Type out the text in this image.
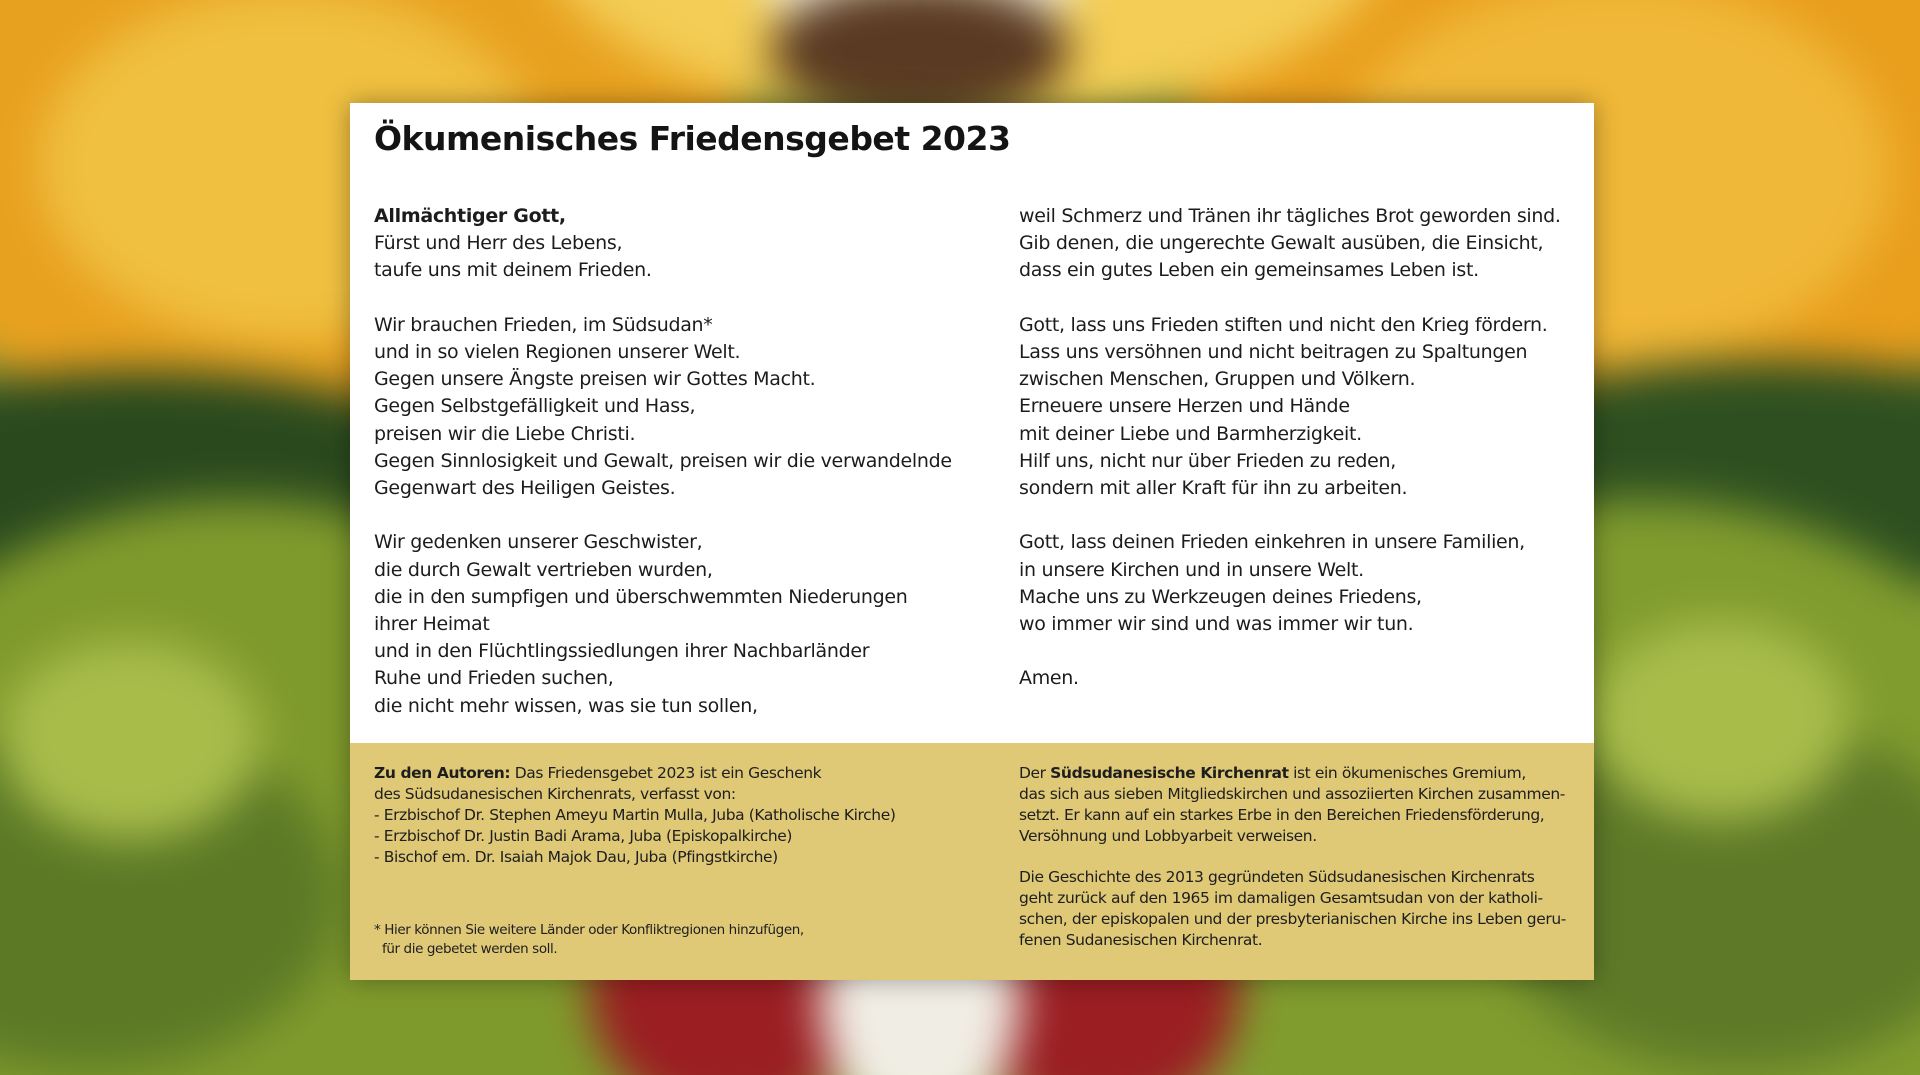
Ökumenisches Friedensgebet 2023
Allmächtiger Gott,
Fürst und Herr des Lebens,
taufe uns mit deinem Frieden.
Wir brauchen Frieden, im Südsudan*
und in so vielen Regionen unserer Welt.
Gegen unsere Ängste preisen wir Gottes Macht.
Gegen Selbstgefälligkeit und Hass,
preisen wir die Liebe Christi.
Gegen Sinnlosigkeit und Gewalt, preisen wir die verwandelnde
Gegenwart des Heiligen Geistes.
Wir gedenken unserer Geschwister,
die durch Gewalt vertrieben wurden,
die in den sumpfigen und überschwemmten Niederungen
ihrer Heimat
und in den Flüchtlingssiedlungen ihrer Nachbarländer
Ruhe und Frieden suchen,
die nicht mehr wissen, was sie tun sollen,
weil Schmerz und Tränen ihr tägliches Brot geworden sind.
Gib denen, die ungerechte Gewalt ausüben, die Einsicht,
dass ein gutes Leben ein gemeinsames Leben ist.
Gott, lass uns Frieden stiften und nicht den Krieg fördern.
Lass uns versöhnen und nicht beitragen zu Spaltungen
zwischen Menschen, Gruppen und Völkern.
Erneuere unsere Herzen und Hände
mit deiner Liebe und Barmherzigkeit.
Hilf uns, nicht nur über Frieden zu reden,
sondern mit aller Kraft für ihn zu arbeiten.
Gott, lass deinen Frieden einkehren in unsere Familien,
in unsere Kirchen und in unsere Welt.
Mache uns zu Werkzeugen deines Friedens,
wo immer wir sind und was immer wir tun.
Amen.
Zu den Autoren: Das Friedensgebet 2023 ist ein Geschenk
des Südsudanesischen Kirchenrats, verfasst von:
- Erzbischof Dr. Stephen Ameyu Martin Mulla, Juba (Katholische Kirche)
- Erzbischof Dr. Justin Badi Arama, Juba (Episkopalkirche)
- Bischof em. Dr. Isaiah Majok Dau, Juba (Pfingstkirche)
* Hier können Sie weitere Länder oder Konfliktregionen hinzufügen,
für die gebetet werden soll.
Der Südsudanesische Kirchenrat ist ein ökumenisches Gremium,
das sich aus sieben Mitgliedskirchen und assoziierten Kirchen zusammen-
setzt. Er kann auf ein starkes Erbe in den Bereichen Friedensförderung,
Versöhnung und Lobbyarbeit verweisen.
Die Geschichte des 2013 gegründeten Südsudanesischen Kirchenrats
geht zurück auf den 1965 im damaligen Gesamtsudan von der katholi-
schen, der episkopalen und der presbyterianischen Kirche ins Leben geru-
fenen Sudanesischen Kirchenrat.
